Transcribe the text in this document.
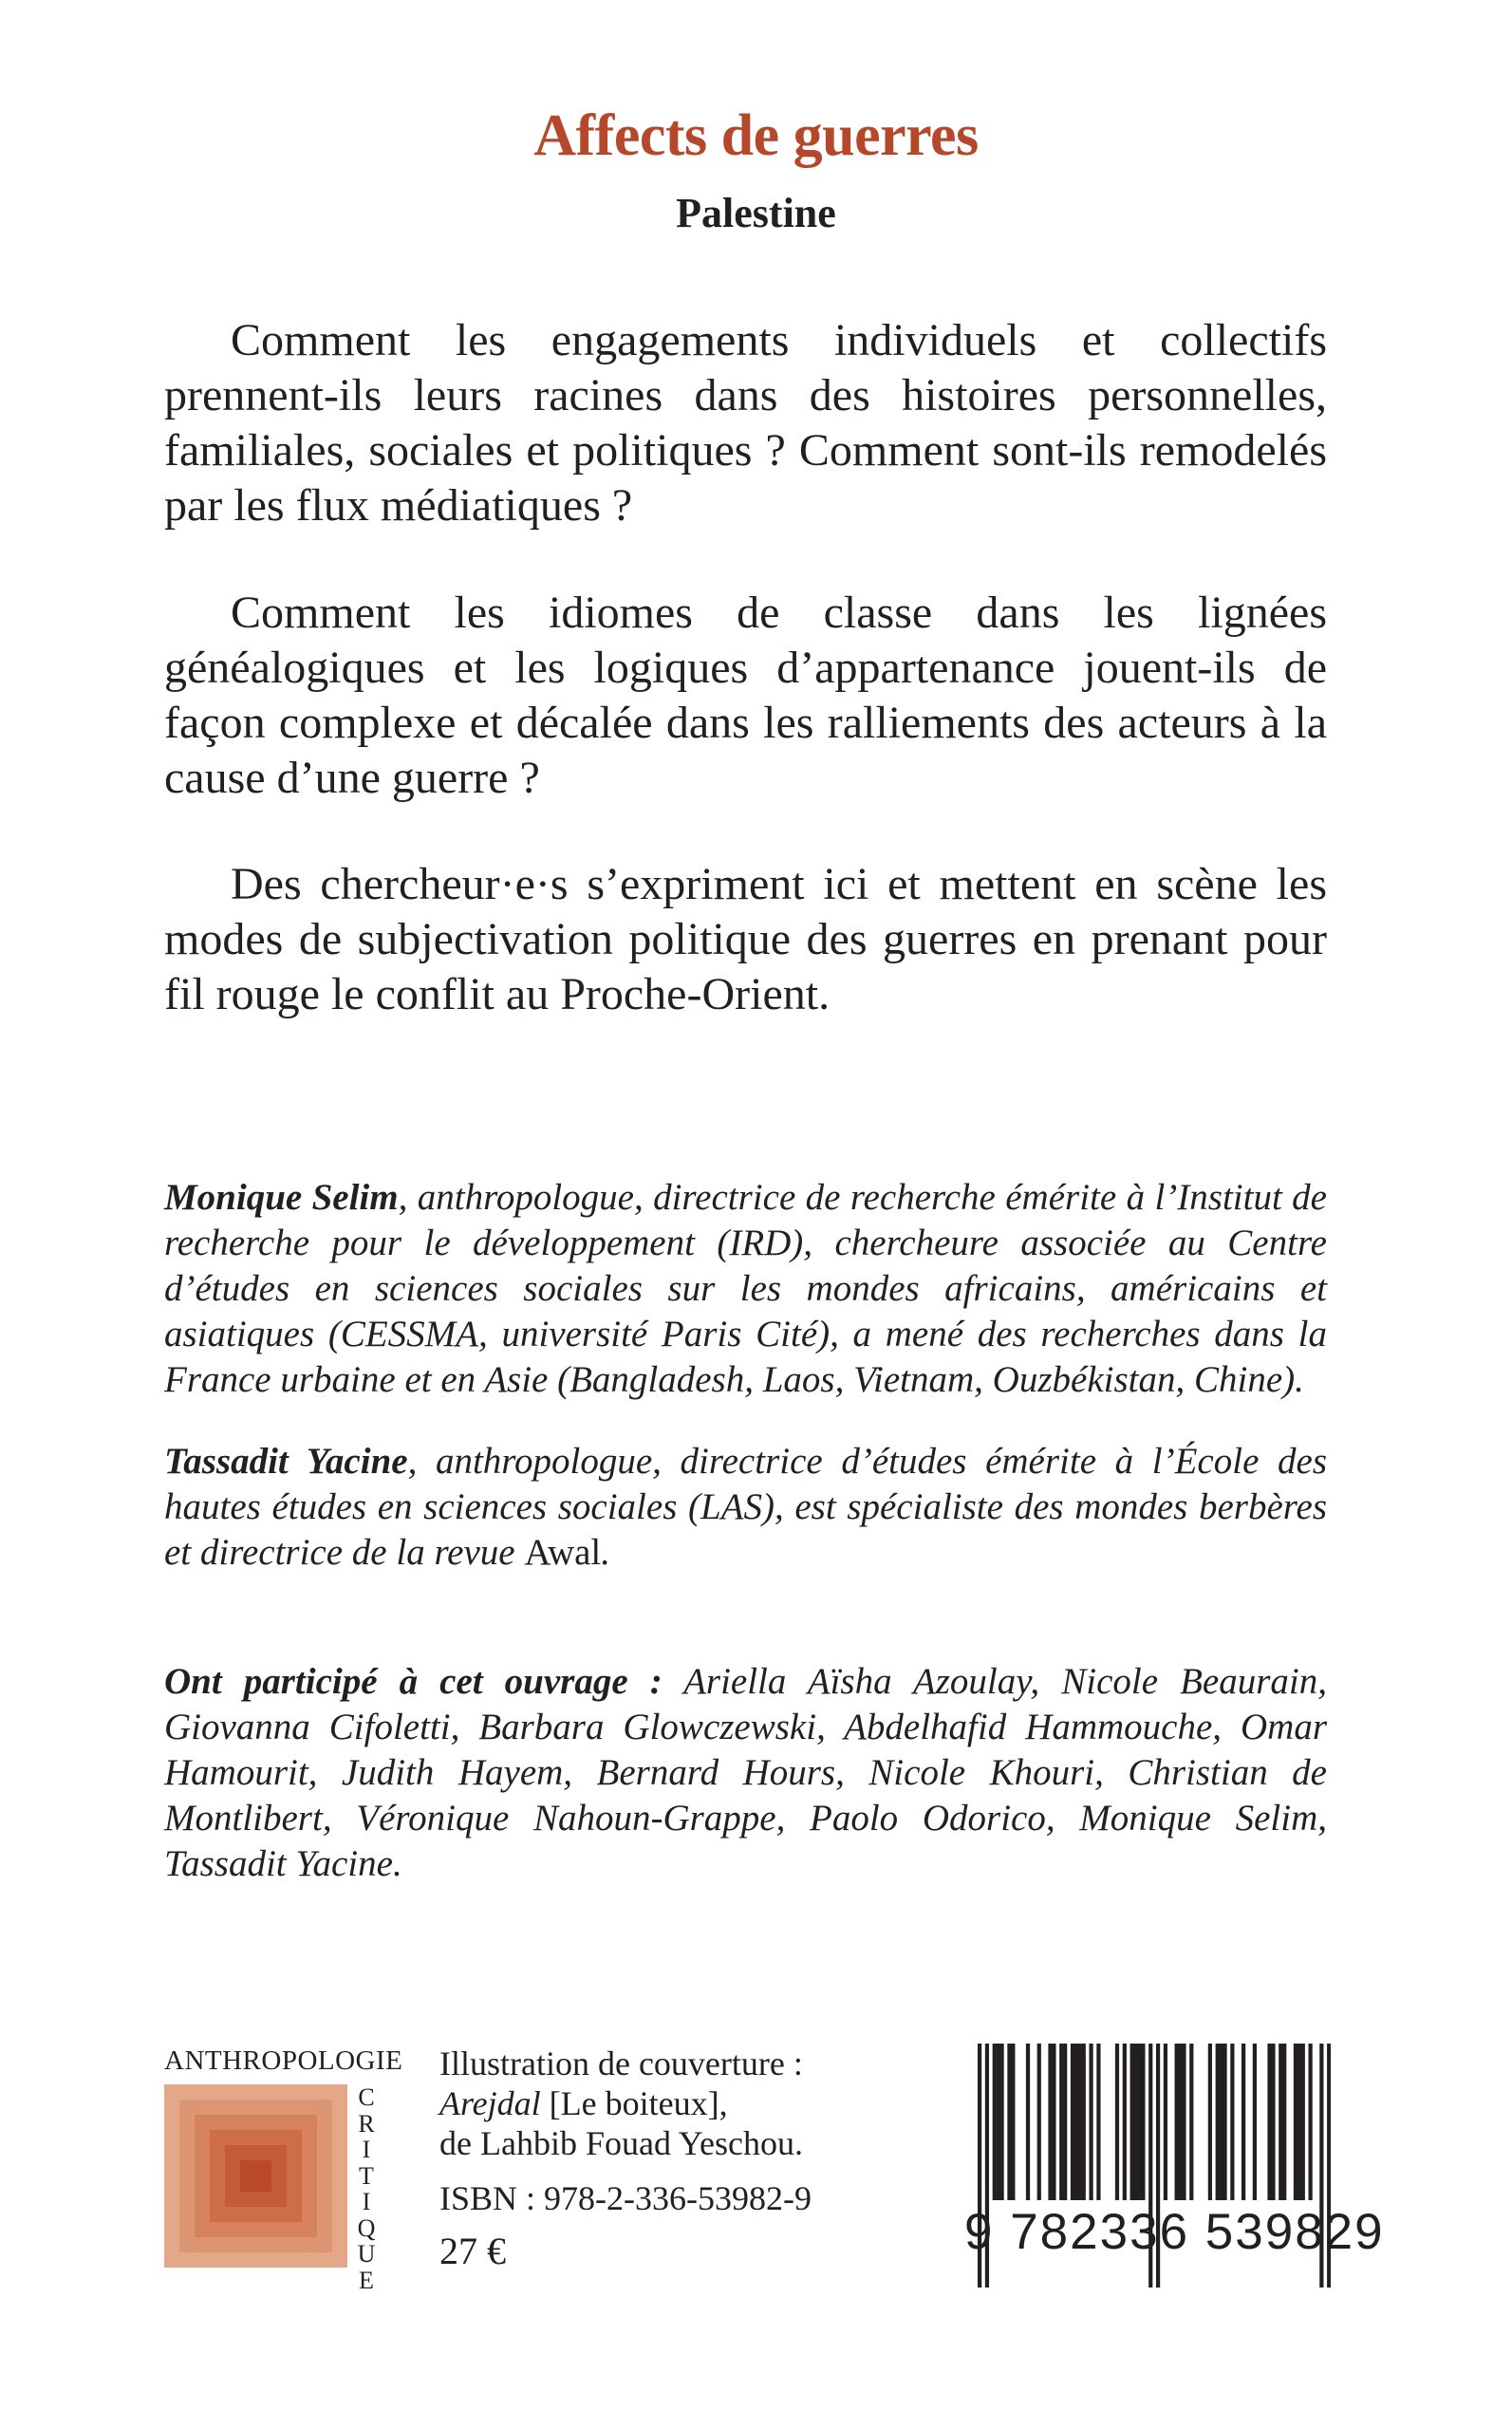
Affects de guerres
Palestine

Comment les engagements individuels et collectifs prennent-ils leurs racines dans des histoires personnelles, familiales, sociales et politiques ? Comment sont-ils remodelés par les flux médiatiques ?

Comment les idiomes de classe dans les lignées généalogiques et les logiques d’appartenance jouent-ils de façon complexe et décalée dans les ralliements des acteurs à la cause d’une guerre ?

Des chercheur·e·s s’expriment ici et mettent en scène les modes de subjectivation politique des guerres en prenant pour fil rouge le conflit au Proche-Orient.

Monique Selim, anthropologue, directrice de recherche émérite à l’Institut de recherche pour le développement (IRD), chercheure associée au Centre d’études en sciences sociales sur les mondes africains, américains et asiatiques (CESSMA, université Paris Cité), a mené des recherches dans la France urbaine et en Asie (Bangladesh, Laos, Vietnam, Ouzbékistan, Chine).

Tassadit Yacine, anthropologue, directrice d’études émérite à l’École des hautes études en sciences sociales (LAS), est spécialiste des mondes berbères et directrice de la revue Awal.

Ont participé à cet ouvrage : Ariella Aïsha Azoulay, Nicole Beaurain, Giovanna Cifoletti, Barbara Glowczewski, Abdelhafid Hammouche, Omar Hamourit, Judith Hayem, Bernard Hours, Nicole Khouri, Christian de Montlibert, Véronique Nahoun-Grappe, Paolo Odorico, Monique Selim, Tassadit Yacine.

ANTHROPOLOGIE
C
R
I
T
I
Q
U
E
Illustration de couverture :
Arejdal [Le boiteux],
de Lahbib Fouad Yeschou.
ISBN : 978-2-336-53982-9
27 €	9 782336 539829
